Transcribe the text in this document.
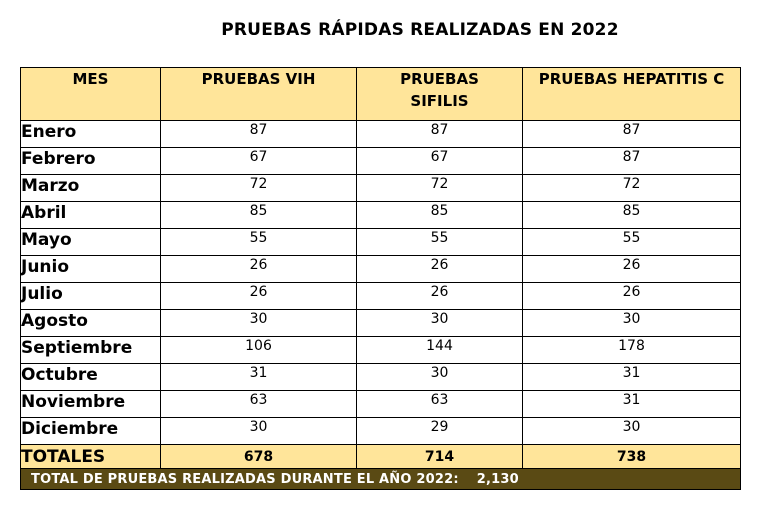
PRUEBAS RÁPIDAS REALIZADAS EN 2022
MES	PRUEBAS VIH	PRUEBAS SIFILIS	PRUEBAS HEPATITIS C
Enero	87	87	87
Febrero	67	67	87
Marzo	72	72	72
Abril	85	85	85
Mayo	55	55	55
Junio	26	26	26
Julio	26	26	26
Agosto	30	30	30
Septiembre	106	144	178
Octubre	31	30	31
Noviembre	63	63	31
Diciembre	30	29	30
TOTALES	678	714	738
TOTAL DE PRUEBAS REALIZADAS DURANTE EL AÑO 2022: 2,130			
